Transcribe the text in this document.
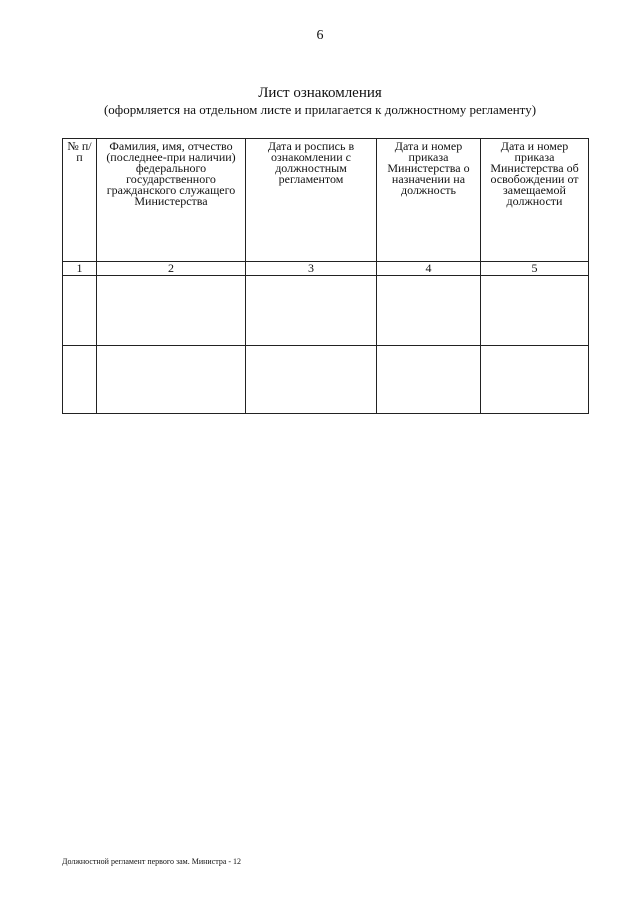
6
Лист ознакомления
(оформляется на отдельном листе и прилагается к должностному регламенту)
№ п/п	Фамилия, имя, отчество (последнее-при наличии) федерального государственного гражданского служащего Министерства	Дата и роспись в ознакомлении с должностным регламентом	Дата и номер приказа Министерства о назначении на должность	Дата и номер приказа Министерства об освобождении от замещаемой должности

1	2	3	4	5

Должностной регламент первого зам. Министра - 12
